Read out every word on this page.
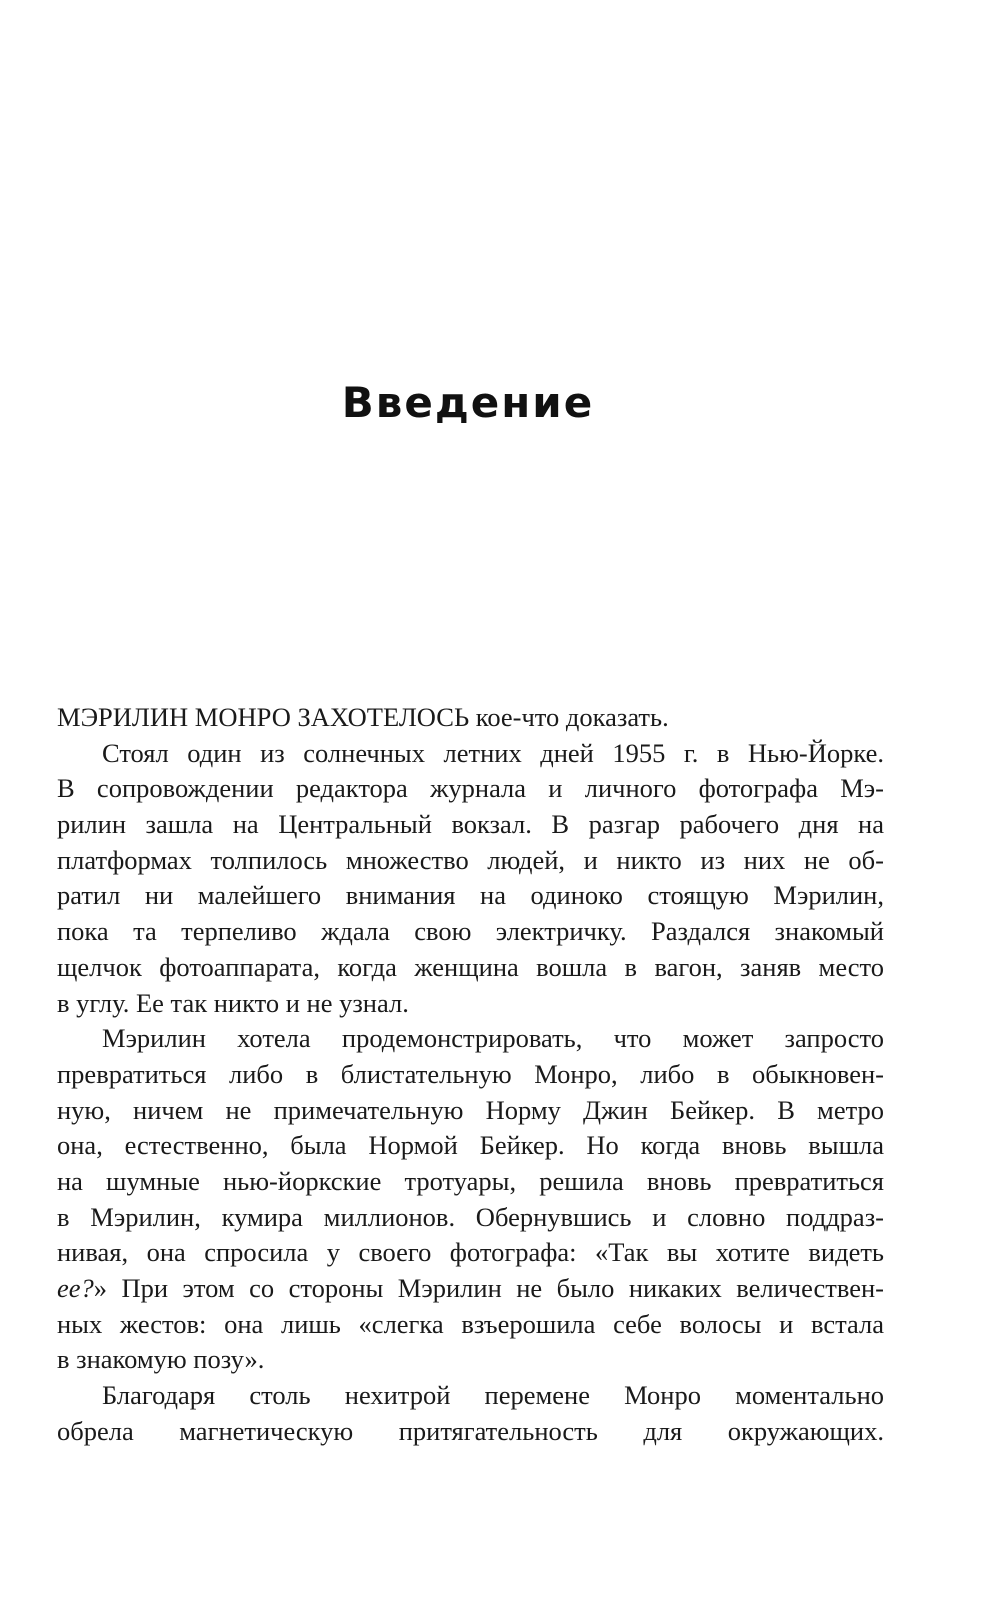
Введение
МЭРИЛИН МОНРО ЗАХОТЕЛОСЬ кое-что доказать.
Стоял один из солнечных летних дней 1955 г. в Нью-Йорке.
В сопровождении редактора журнала и личного фотографа Мэ-
рилин зашла на Центральный вокзал. В разгар рабочего дня на
платформах толпилось множество людей, и никто из них не об-
ратил ни малейшего внимания на одиноко стоящую Мэрилин,
пока та терпеливо ждала свою электричку. Раздался знакомый
щелчок фотоаппарата, когда женщина вошла в вагон, заняв место
в углу. Ее так никто и не узнал.
Мэрилин хотела продемонстрировать, что может запросто
превратиться либо в блистательную Монро, либо в обыкновен-
ную, ничем не примечательную Норму Джин Бейкер. В метро
она, естественно, была Нормой Бейкер. Но когда вновь вышла
на шумные нью-йоркские тротуары, решила вновь превратиться
в Мэрилин, кумира миллионов. Обернувшись и словно поддраз-
нивая, она спросила у своего фотографа: «Так вы хотите видеть
ее?» При этом со стороны Мэрилин не было никаких величествен-
ных жестов: она лишь «слегка взъерошила себе волосы и встала
в знакомую позу».
Благодаря столь нехитрой перемене Монро моментально
обрела магнетическую притягательность для окружающих.
